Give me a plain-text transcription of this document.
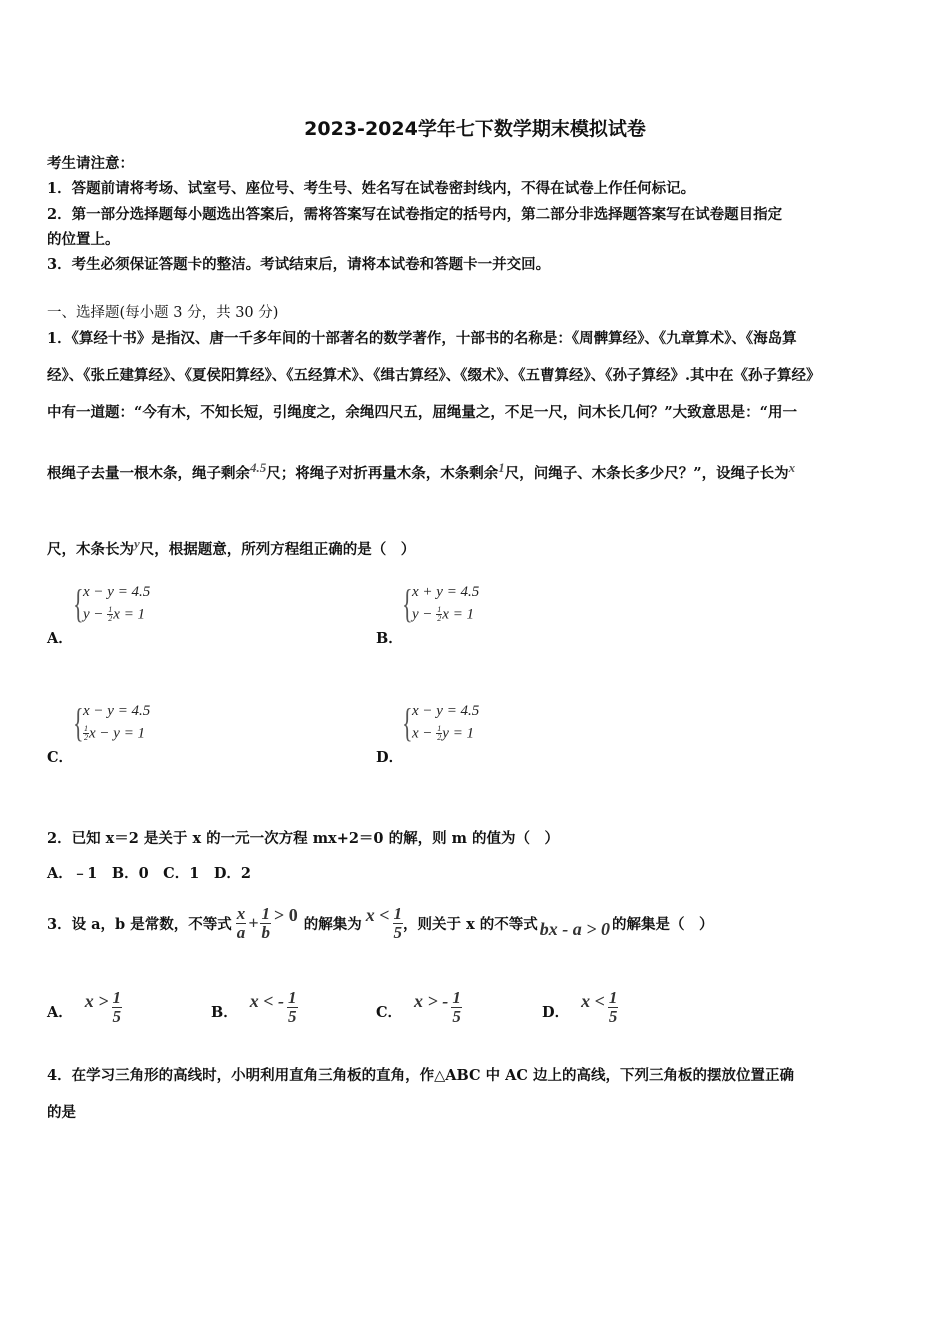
2023-2024学年七下数学期末模拟试卷
考生请注意：
1．答题前请将考场、试室号、座位号、考生号、姓名写在试卷密封线内，不得在试卷上作任何标记。
2．第一部分选择题每小题选出答案后，需将答案写在试卷指定的括号内，第二部分非选择题答案写在试卷题目指定
的位置上。
3．考生必须保证答题卡的整洁。考试结束后，请将本试卷和答题卡一并交回。
一、选择题(每小题 3 分，共 30 分)
1．《算经十书》是指汉、唐一千多年间的十部著名的数学著作，十部书的名称是：《周髀算经》、《九章算术》、《海岛算
经》、《张丘建算经》、《夏侯阳算经》、《五经算术》、《缉古算经》、《缀术》、《五曹算经》、《孙子算经》.其中在《孙子算经》
中有一道题：“今有木，不知长短，引绳度之，余绳四尺五，屈绳量之，不足一尺，问木长几何？”大致意思是：“用一
根绳子去量一根木条，绳子剩余4.5尺；将绳子对折再量木条，木条剩余1尺，问绳子、木条长多少尺？”，设绳子长为x
尺，木条长为y尺，根据题意，所列方程组正确的是（　）
A．
{ x − y = 4.5
$y - \frac{1}{2}$ x = 1
B．
{ x + y = 4.5
$y - \frac{1}{2}$ x = 1
C．
{ x − y = 4.5
$\frac{1}{2}$ x − y = 1
D．
{ x − y = 4.5
$x - \frac{1}{2}$ y = 1
2．已知 x＝2 是关于 x 的一元一次方程 mx+2＝0 的解，则 m 的值为（　）
A．﹣1　B．0　C．1　D．2
3．设 a，b 是常数，不等式 $\frac{x}{a} + \frac{1}{b} > 0$ 的解集为 $x < \frac{1}{5}$ ，则关于 x 的不等式 bx - a > 0 的解集是（　）
A．
$x > \frac{1}{5}$	B．
x < - $\frac{1}{5}$	C．
x > - $\frac{1}{5}$	D．
$x < \frac{1}{5}$
4．在学习三角形的高线时，小明利用直角三角板的直角，作△ABC 中 AC 边上的高线，下列三角板的摆放位置正确
的是
